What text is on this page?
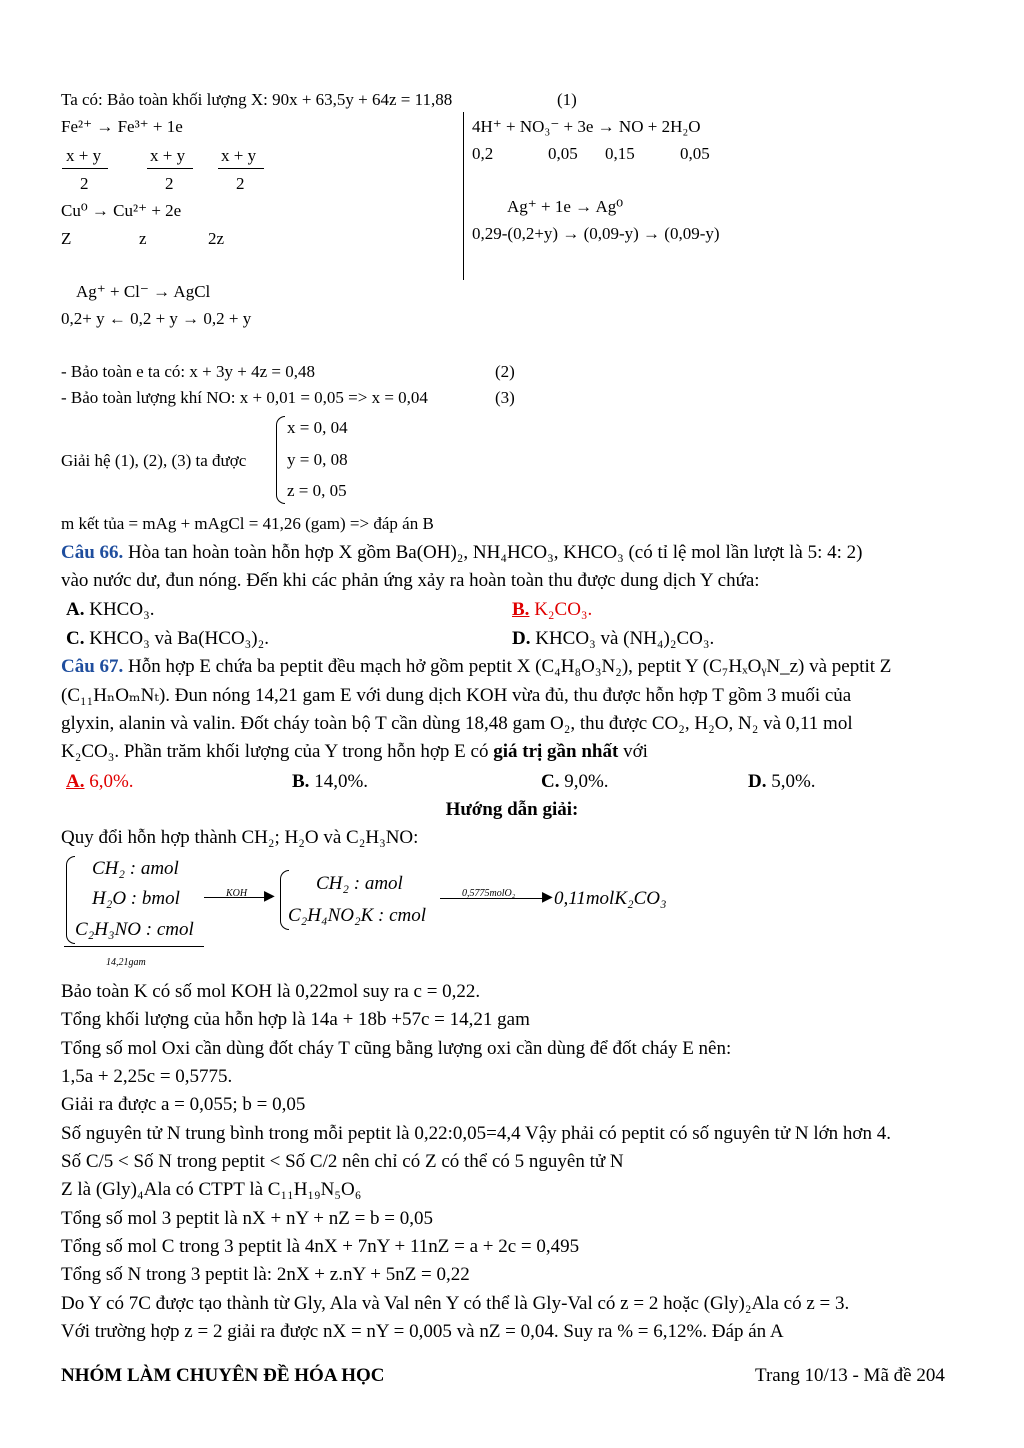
Ta có: Bảo toàn khối lượng X: 90x + 63,5y + 64z = 11,88	(1)
Fe²⁺ → Fe³⁺ + 1e
x + y	x + y x + y
2	2	2
Cu⁰ → Cu²⁺ + 2e
Z	z	2z
4H⁺ + NO₃⁻ + 3e → NO + 2H₂O
0,2	0,05 0,15	0,05
Ag⁺ + 1e → Ag⁰
0,29-(0,2+y) → (0,09-y) → (0,09-y)
Ag⁺ + Cl⁻ → AgCl
0,2+ y ← 0,2 + y → 0,2 + y
- Bảo toàn e ta có: x + 3y + 4z = 0,48	(2)
- Bảo toàn lượng khí NO: x + 0,01 = 0,05 => x = 0,04	(3)
Giải hệ (1), (2), (3) ta được
x = 0, 04
y = 0, 08
z = 0, 05
m kết tủa = mAg + mAgCl = 41,26 (gam) => đáp án B
Câu 66. Hòa tan hoàn toàn hỗn hợp X gồm Ba(OH)₂, NH₄HCO₃, KHCO₃ (có tỉ lệ mol lần lượt là 5: 4: 2)
vào nước dư, đun nóng. Đến khi các phản ứng xảy ra hoàn toàn thu được dung dịch Y chứa:
A. KHCO₃.	B. K₂CO₃.
C. KHCO₃ và Ba(HCO₃)₂.	D. KHCO₃ và (NH₄)₂CO₃.
Câu 67. Hỗn hợp E chứa ba peptit đều mạch hở gồm peptit X (C₄H₈O₃N₂), peptit Y (C₇HₓOᵧN_z) và peptit Z
(C₁₁HₙOₘNₜ). Đun nóng 14,21 gam E với dung dịch KOH vừa đủ, thu được hỗn hợp T gồm 3 muối của
glyxin, alanin và valin. Đốt cháy toàn bộ T cần dùng 18,48 gam O₂, thu được CO₂, H₂O, N₂ và 0,11 mol
K₂CO₃. Phần trăm khối lượng của Y trong hỗn hợp E có giá trị gần nhất với
A. 6,0%.	B. 14,0%.	C. 9,0%.	D. 5,0%.
Hướng dẫn giải:
Quy đổi hỗn hợp thành CH₂; H₂O và C₂H₃NO:
CH₂ : amol
H₂O : bmol
C₂H₃NO : cmol
14,21gam
KOH ▶
CH₂ : amol
C₂H₄NO₂K : cmol
0,5775molO₂ ▶ 0,11molK₂CO₃
Bảo toàn K có số mol KOH là 0,22mol suy ra c = 0,22.
Tổng khối lượng của hỗn hợp là 14a + 18b +57c = 14,21 gam
Tổng số mol Oxi cần dùng đốt cháy T cũng bằng lượng oxi cần dùng để đốt cháy E nên:
1,5a + 2,25c = 0,5775.
Giải ra được a = 0,055; b = 0,05
Số nguyên tử N trung bình trong mỗi peptit là 0,22:0,05=4,4 Vậy phải có peptit có số nguyên tử N lớn hơn 4.
Số C/5 < Số N trong peptit < Số C/2 nên chỉ có Z có thể có 5 nguyên tử N
Z là (Gly)₄Ala có CTPT là C₁₁H₁₉N₅O₆
Tổng số mol 3 peptit là nX + nY + nZ = b = 0,05
Tổng số mol C trong 3 peptit là 4nX + 7nY + 11nZ = a + 2c = 0,495
Tổng số N trong 3 peptit là: 2nX + z.nY + 5nZ = 0,22
Do Y có 7C được tạo thành từ Gly, Ala và Val nên Y có thể là Gly-Val có z = 2 hoặc (Gly)₂Ala có z = 3.
Với trường hợp z = 2 giải ra được nX = nY = 0,005 và nZ = 0,04. Suy ra % = 6,12%. Đáp án A
NHÓM LÀM CHUYÊN ĐỀ HÓA HỌC	Trang 10/13 - Mã đề 204
